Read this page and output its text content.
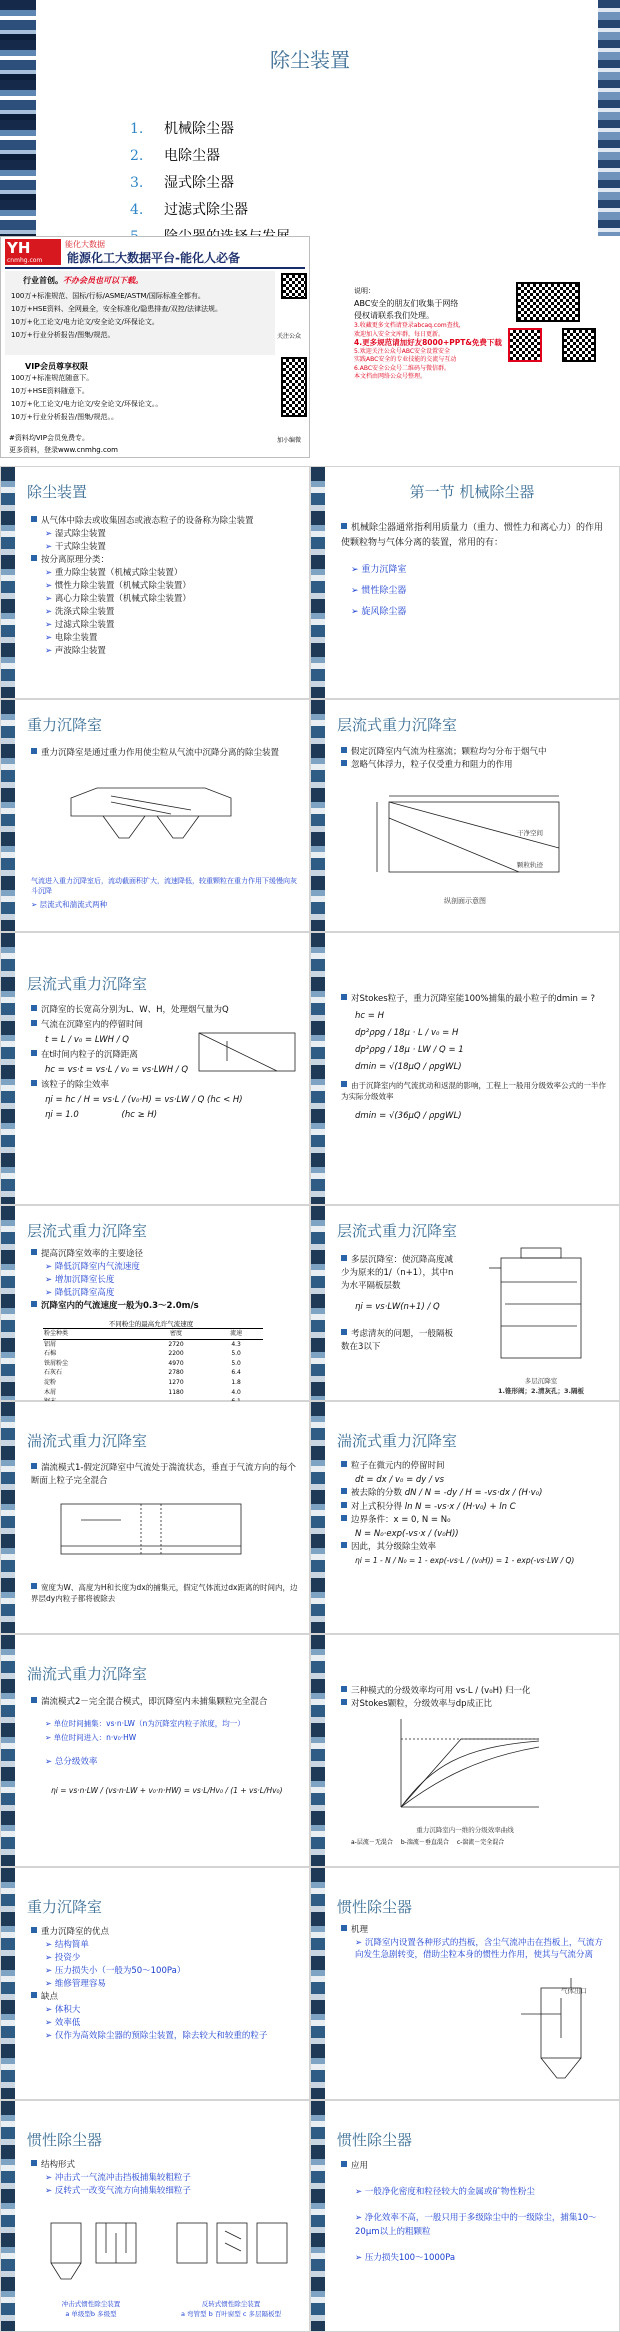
除尘装置
1. 机械除尘器
2. 电除尘器
3. 湿式除尘器
4. 过滤式除尘器
YH
cnmhg.com
能化大数据
能源化工大数据平台-能化人必备
行业首创。不办会员也可以下载。
100万+标准规范、国标/行标/ASME/ASTM/国际标准全都有。
10万+HSE资料、全网最全，安全标准化/隐患排查/双控/法律法规。
10万+化工论文/电力论文/安全论文/环保论文。
10万+行业分析报告/图集/规范。
VIP会员尊享权限
100万+标准规范随意下。
10万+HSE资料随意下。
10万+化工论文/电力论文/安全论文/环保论文。。
10万+行业分析报告/图集/规范。。
#资料均VIP会员免费专。
更多资料，登录www.cnmhg.com
关注公众
加小编微
说明：
ABC安全的朋友们收集于网络
侵权请联系我们处理。
3.收藏更多文档请登录abcaq.com查找，
欢迎加入安全文库群，每日更新。
4.更多规范请加好友8000+PPT&免费下载
5.欢迎关注公众号ABC安全设置安全
实践ABC安全的专业技能的交流与互动
6.ABC安全公众号二维码与微信群。
本文档由网络公众号整理。
除尘装置
从气体中除去或收集固态或液态粒子的设备称为除尘装置
➢ 湿式除尘装置
➢ 干式除尘装置
按分离原理分类：
➢ 重力除尘装置（机械式除尘装置）
➢ 惯性力除尘装置（机械式除尘装置）
➢ 离心力除尘装置（机械式除尘装置）
➢ 洗涤式除尘装置
➢ 过滤式除尘装置
➢ 电除尘装置
➢ 声波除尘装置
第一节 机械除尘器
机械除尘器通常指利用质量力（重力、惯性力和离心力）的作用使颗粒物与气体分离的装置，常用的有：
➢ 重力沉降室
➢ 惯性除尘器
➢ 旋风除尘器
重力沉降室
重力沉降室是通过重力作用使尘粒从气流中沉降分离的除尘装置
气流进入重力沉降室后，流动截面积扩大，流速降低，较重颗粒在重力作用下缓慢向灰斗沉降
➢ 层流式和湍流式两种
层流式重力沉降室
假定沉降室内气流为柱塞流；颗粒均匀分布于烟气中
忽略气体浮力，粒子仅受重力和阻力的作用
干净空间
颗粒轨迹
纵剖面示意图
层流式重力沉降室
沉降室的长宽高分别为L、W、H，处理烟气量为Q
气流在沉降室内的停留时间
t = L / v₀ = LWH / Q
在t时间内粒子的沉降距离
hc = vs·t = vs·L / v₀ = vs·LWH / Q
该粒子的除尘效率
ηi = hc / H = vs·L / (v₀·H) = vs·LW / Q (hc < H)
ηi = 1.0	(hc ≥ H)
对Stokes粒子，重力沉降室能100%捕集的最小粒子的dmin = ?
hc = H
dp²ρpg / 18μ · L / v₀ = H
dp²ρpg / 18μ · LW / Q = 1
dmin = √(18μQ / ρpgWL)
由于沉降室内的气流扰动和返混的影响，工程上一般用分级效率公式的一半作为实际分级效率
dmin = √(36μQ / ρpgWL)
层流式重力沉降室
提高沉降室效率的主要途径
➢ 降低沉降室内气流速度
➢ 增加沉降室长度
➢ 降低沉降室高度
沉降室内的气流速度一般为0.3～2.0m/s
不同粉尘的最高允许气流速度
粉尘种类	密度	流速
铝屑	2720	4.3
石棉	2200	5.0
铁屑粉尘	4970	5.0
石灰石	2780	6.4
淀粉	1270	1.8
木屑	1180	4.0

层流式重力沉降室
多层沉降室：使沉降高度减少为原来的1/（n+1），其中n为水平隔板层数
ηi = vs·LW(n+1) / Q
考虑清灰的问题，一般隔板数在3以下
多层沉降室
1.锥形阀；2.清灰孔；3.隔板
湍流式重力沉降室
湍流模式1-假定沉降室中气流处于湍流状态，垂直于气流方向的每个断面上粒子完全混合
宽度为W、高度为H和长度为dx的捕集元，假定气体流过dx距离的时间内，边界层dy内粒子都将被除去
湍流式重力沉降室
粒子在微元内的停留时间
dt = dx / v₀ = dy / vs
被去除的分数 dN / N = -dy / H = -vs·dx / (H·v₀)
对上式积分得 ln N = -vs·x / (H·v₀) + ln C
边界条件：x = 0, N = N₀
N = N₀·exp(-vs·x / (v₀H))
因此，其分级除尘效率
ηi = 1 - N / N₀ = 1 - exp(-vs·L / (v₀H)) = 1 - exp(-vs·LW / Q)
湍流式重力沉降室
湍流模式2－完全混合模式，即沉降室内未捕集颗粒完全混合
➢ 单位时间捕集：vs·n·LW（n为沉降室内粒子浓度，均一）
➢ 单位时间进入：n·v₀·HW
➢ 总分级效率
ηi = vs·n·LW / (vs·n·LW + v₀·n·HW) = vs·L/Hv₀ / (1 + vs·L/Hv₀)
三种模式的分级效率均可用 vs·L / (v₀H) 归一化
对Stokes颗粒，分级效率与dp成正比
重力沉降室内一维的分级效率曲线
a-层流－无混合 b-湍流－垂直混合 c-湍流－完全混合
重力沉降室
重力沉降室的优点
➢ 结构简单
➢ 投资少
➢ 压力损失小（一般为50～100Pa）
➢ 维修管理容易
缺点
➢ 体积大
➢ 效率低
➢ 仅作为高效除尘器的预除尘装置，除去较大和较重的粒子
惯性除尘器
机理
➢ 沉降室内设置各种形式的挡板，含尘气流冲击在挡板上，气流方向发生急剧转变，借助尘粒本身的惯性力作用，使其与气流分离
气体出口
惯性除尘器
结构形式
➢ 冲击式一气流冲击挡板捕集较粗粒子
➢ 反转式一改变气流方向捕集较细粒子
冲击式惯性除尘装置
a 单级型b 多级型
反转式惯性除尘装置
a 弯管型 b 百叶窗型 c 多层隔板型
惯性除尘器
应用
➢ 一般净化密度和粒径较大的金属或矿物性粉尘
➢ 净化效率不高，一般只用于多级除尘中的一级除尘，捕集10～20μm以上的粗颗粒
➢ 压力损失100～1000Pa
